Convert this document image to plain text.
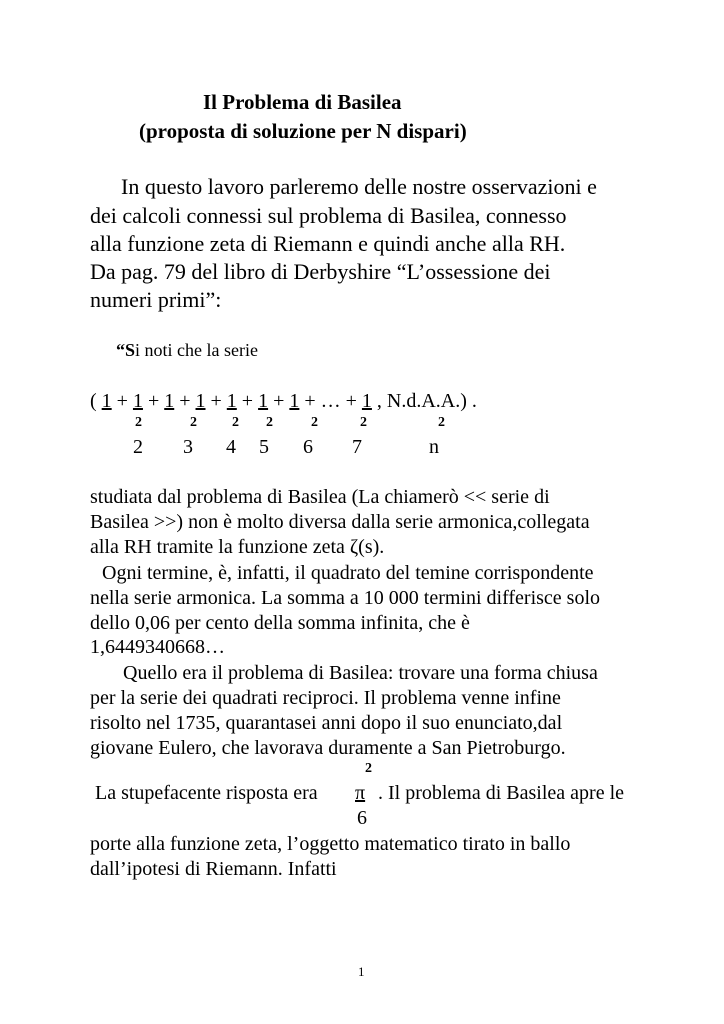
Il Problema di Basilea
(proposta di soluzione per N dispari)
In questo lavoro parleremo delle nostre osservazioni e
dei calcoli connessi sul problema di Basilea, connesso
alla funzione zeta di Riemann e quindi anche alla RH.
Da pag. 79 del libro di Derbyshire “L’ossessione dei
numeri primi”:
“Si noti che la serie
( 1 + 1 + 1 + 1 + 1 + 1 + 1 + … + 1 , N.d.A.A.) .
2	2	2 2	2	2	2
2 3 4 5 6 7	n
studiata dal problema di Basilea (La chiamerò << serie di
Basilea >>) non è molto diversa dalla serie armonica,collegata
alla RH tramite la funzione zeta ζ(s).
Ogni termine, è, infatti, il quadrato del temine corrispondente
nella serie armonica. La somma a 10 000 termini differisce solo
dello 0,06 per cento della somma infinita, che è
1,6449340668…
Quello era il problema di Basilea: trovare una forma chiusa
per la serie dei quadrati reciproci. Il problema venne infine
risolto nel 1735, quarantasei anni dopo il suo enunciato,dal
giovane Eulero, che lavorava duramente a San Pietroburgo.
2
La stupefacente risposta era π . Il problema di Basilea apre le
6
porte alla funzione zeta, l’oggetto matematico tirato in ballo
dall’ipotesi di Riemann. Infatti
1
